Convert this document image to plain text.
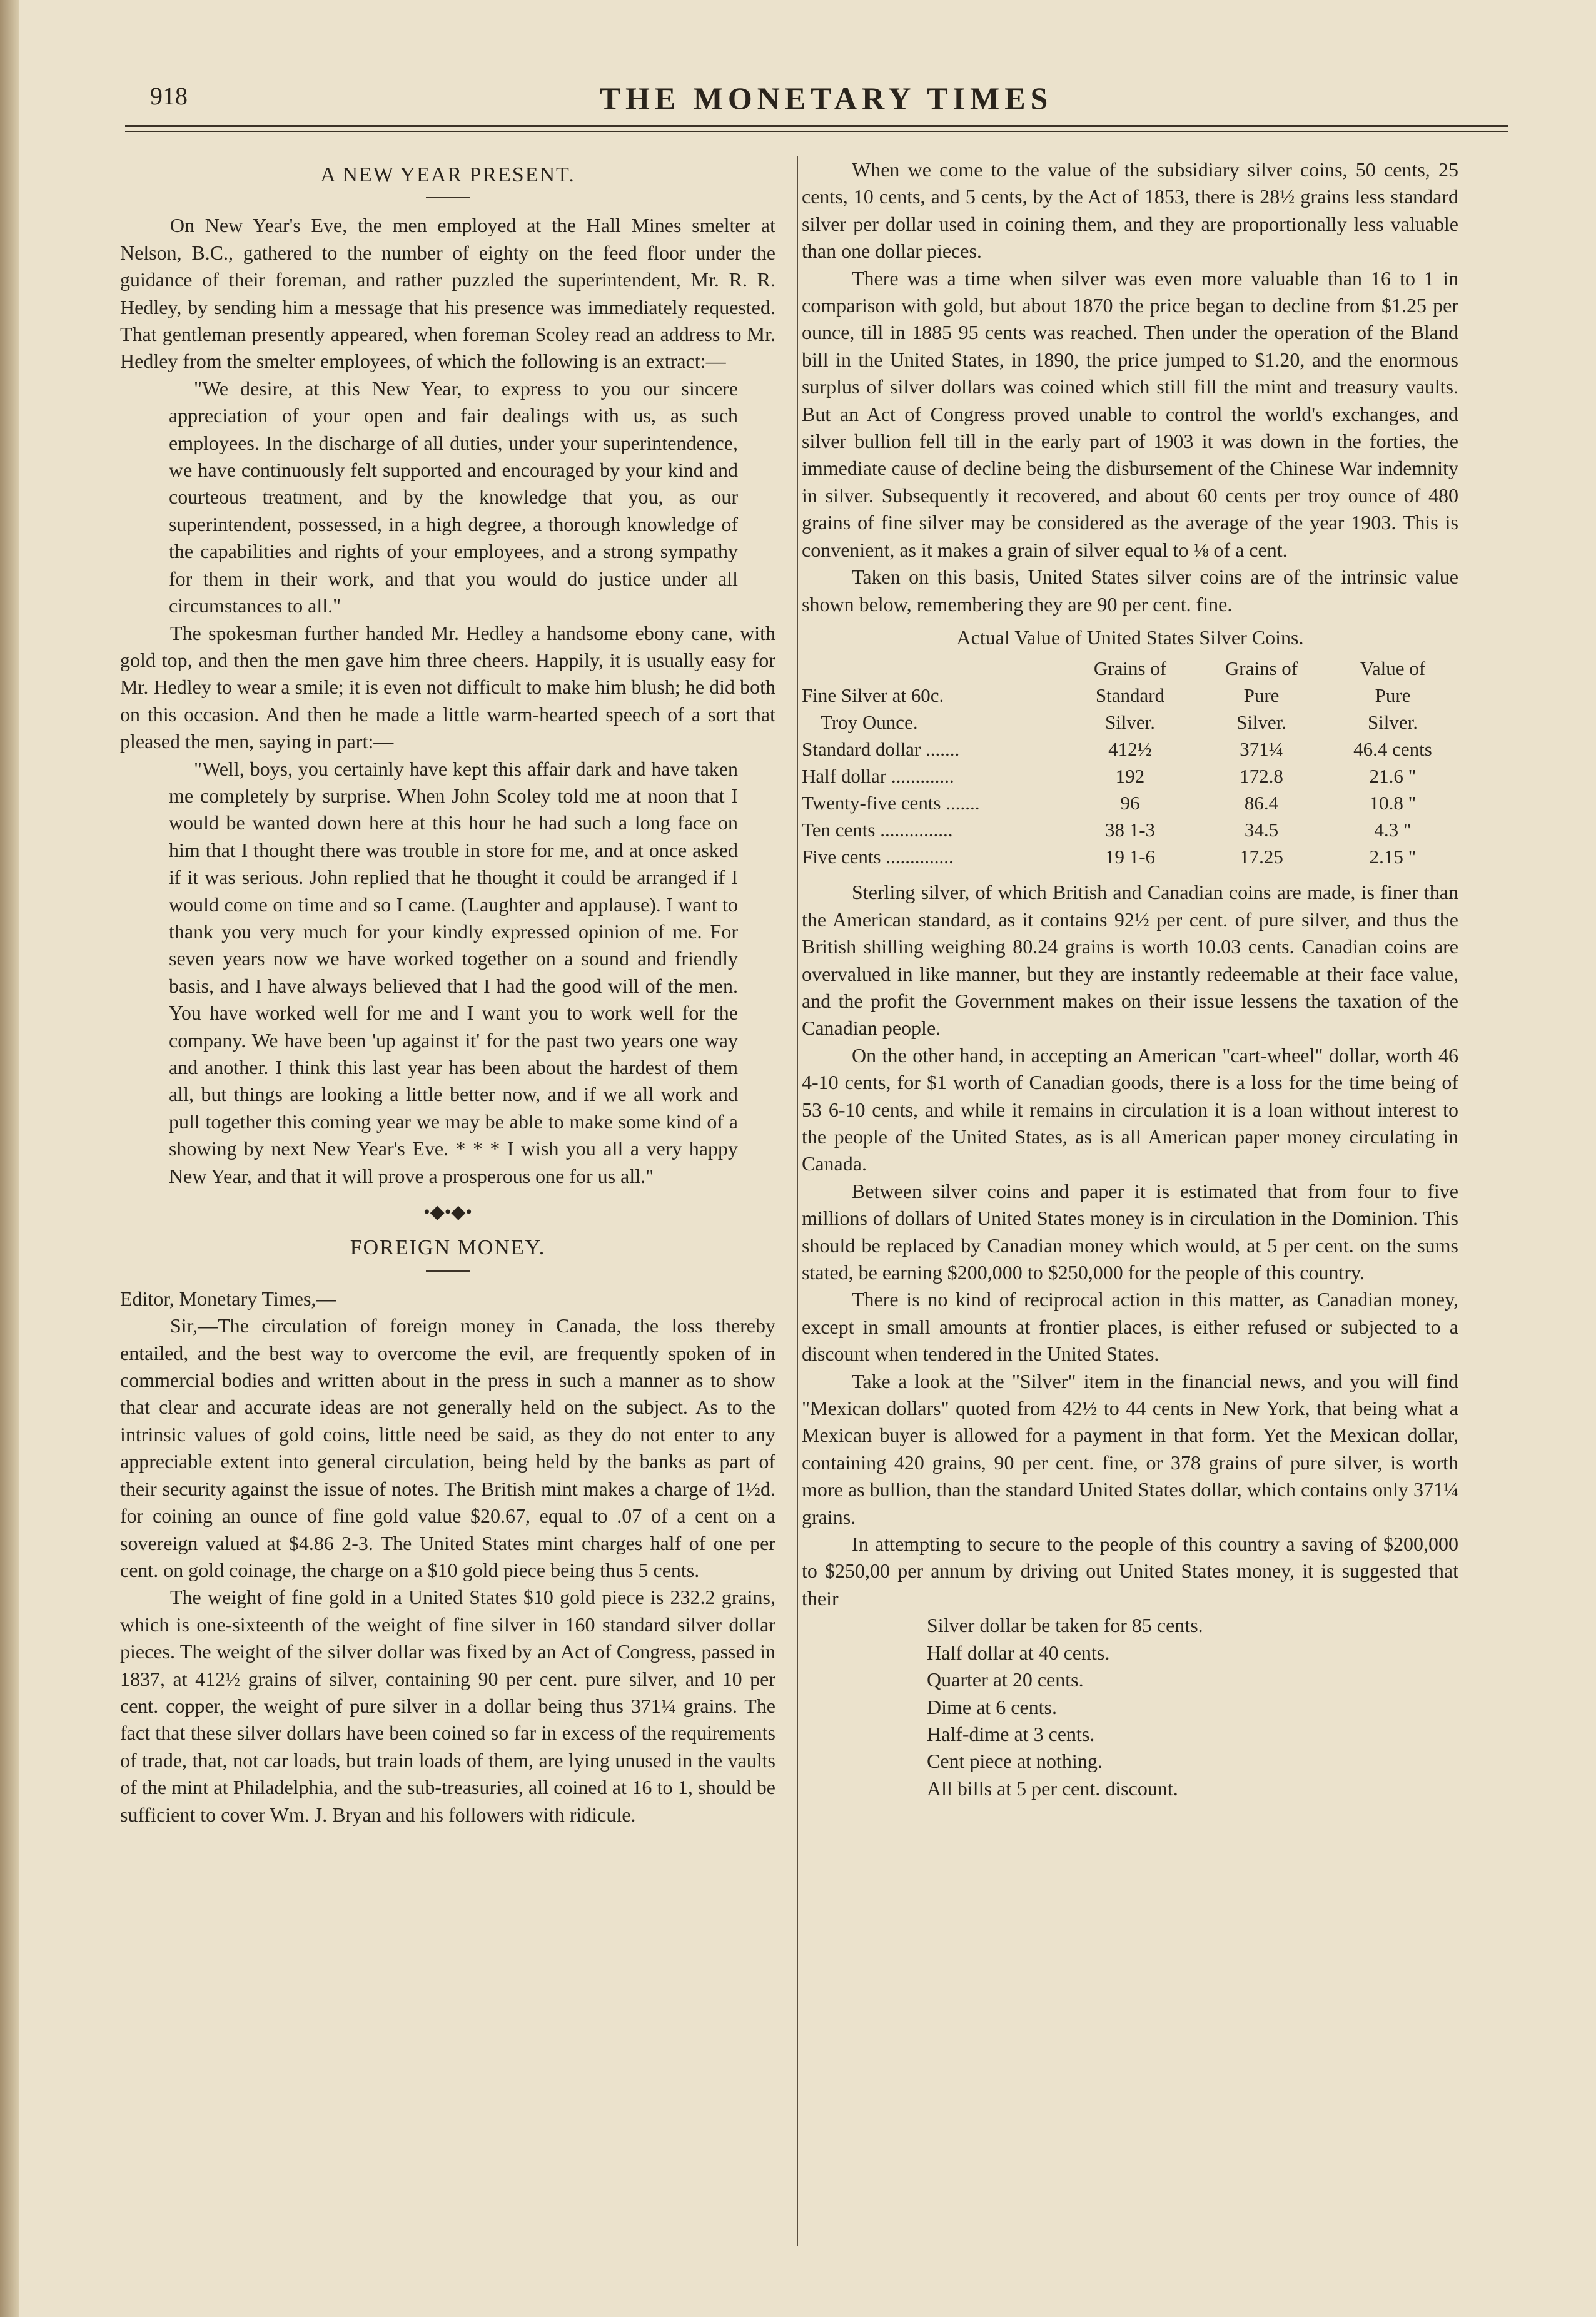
918	THE MONETARY TIMES
A NEW YEAR PRESENT.

On New Year's Eve, the men employed at the Hall Mines smelter at Nelson, B.C., gathered to the number of eighty on the feed floor under the guidance of their foreman, and rather puzzled the superintendent, Mr. R. R. Hedley, by sending him a message that his presence was immediately requested. That gentleman presently appeared, when foreman Scoley read an address to Mr. Hedley from the smelter employees, of which the following is an extract:—

"We desire, at this New Year, to express to you our sincere appreciation of your open and fair dealings with us, as such employees. In the discharge of all duties, under your superintendence, we have continuously felt supported and encouraged by your kind and courteous treatment, and by the knowledge that you, as our superintendent, possessed, in a high degree, a thorough knowledge of the capabilities and rights of your employees, and a strong sympathy for them in their work, and that you would do justice under all circumstances to all."

The spokesman further handed Mr. Hedley a handsome ebony cane, with gold top, and then the men gave him three cheers. Happily, it is usually easy for Mr. Hedley to wear a smile; it is even not difficult to make him blush; he did both on this occasion. And then he made a little warm-hearted speech of a sort that pleased the men, saying in part:—

"Well, boys, you certainly have kept this affair dark and have taken me completely by surprise. When John Scoley told me at noon that I would be wanted down here at this hour he had such a long face on him that I thought there was trouble in store for me, and at once asked if it was serious. John replied that he thought it could be arranged if I would come on time and so I came. (Laughter and applause). I want to thank you very much for your kindly expressed opinion of me. For seven years now we have worked together on a sound and friendly basis, and I have always believed that I had the good will of the men. You have worked well for me and I want you to work well for the company. We have been 'up against it' for the past two years one way and another. I think this last year has been about the hardest of them all, but things are looking a little better now, and if we all work and pull together this coming year we may be able to make some kind of a showing by next New Year's Eve. * * * I wish you all a very happy New Year, and that it will prove a prosperous one for us all."

•◆•◆•
FOREIGN MONEY.

Editor, Monetary Times,—

Sir,—The circulation of foreign money in Canada, the loss thereby entailed, and the best way to overcome the evil, are frequently spoken of in commercial bodies and written about in the press in such a manner as to show that clear and accurate ideas are not generally held on the subject. As to the intrinsic values of gold coins, little need be said, as they do not enter to any appreciable extent into general circulation, being held by the banks as part of their security against the issue of notes. The British mint makes a charge of 1½d. for coining an ounce of fine gold value $20.67, equal to .07 of a cent on a sovereign valued at $4.86 2-3. The United States mint charges half of one per cent. on gold coinage, the charge on a $10 gold piece being thus 5 cents.

The weight of fine gold in a United States $10 gold piece is 232.2 grains, which is one-sixteenth of the weight of fine silver in 160 standard silver dollar pieces. The weight of the silver dollar was fixed by an Act of Congress, passed in 1837, at 412½ grains of silver, containing 90 per cent. pure silver, and 10 per cent. copper, the weight of pure silver in a dollar being thus 371¼ grains. The fact that these silver dollars have been coined so far in excess of the requirements of trade, that, not car loads, but train loads of them, are lying unused in the vaults of the mint at Philadelphia, and the sub-treasuries, all coined at 16 to 1, should be sufficient to cover Wm. J. Bryan and his followers with ridicule.

When we come to the value of the subsidiary silver coins, 50 cents, 25 cents, 10 cents, and 5 cents, by the Act of 1853, there is 28½ grains less standard silver per dollar used in coining them, and they are proportionally less valuable than one dollar pieces.

There was a time when silver was even more valuable than 16 to 1 in comparison with gold, but about 1870 the price began to decline from $1.25 per ounce, till in 1885 95 cents was reached. Then under the operation of the Bland bill in the United States, in 1890, the price jumped to $1.20, and the enormous surplus of silver dollars was coined which still fill the mint and treasury vaults. But an Act of Congress proved unable to control the world's exchanges, and silver bullion fell till in the early part of 1903 it was down in the forties, the immediate cause of decline being the disbursement of the Chinese War indemnity in silver. Subsequently it recovered, and about 60 cents per troy ounce of 480 grains of fine silver may be considered as the average of the year 1903. This is convenient, as it makes a grain of silver equal to ⅛ of a cent.

Taken on this basis, United States silver coins are of the intrinsic value shown below, remembering they are 90 per cent. fine.

Actual Value of United States Silver Coins.
	Grains of	Grains of	Value of
Fine Silver at 60c.	Standard	Pure	Pure
Troy Ounce.	Silver.	Silver.	Silver.
Standard dollar .......	412½	371¼	46.4 cents
Half dollar .............	192	172.8	21.6 "
Twenty-five cents .......	96	86.4	10.8 "
Ten cents ...............	38 1-3	34.5	4.3 "
Five cents ..............	19 1-6	17.25	2.15 "

Sterling silver, of which British and Canadian coins are made, is finer than the American standard, as it contains 92½ per cent. of pure silver, and thus the British shilling weighing 80.24 grains is worth 10.03 cents. Canadian coins are overvalued in like manner, but they are instantly redeemable at their face value, and the profit the Government makes on their issue lessens the taxation of the Canadian people.

On the other hand, in accepting an American "cart-wheel" dollar, worth 46 4-10 cents, for $1 worth of Canadian goods, there is a loss for the time being of 53 6-10 cents, and while it remains in circulation it is a loan without interest to the people of the United States, as is all American paper money circulating in Canada.

Between silver coins and paper it is estimated that from four to five millions of dollars of United States money is in circulation in the Dominion. This should be replaced by Canadian money which would, at 5 per cent. on the sums stated, be earning $200,000 to $250,000 for the people of this country.

There is no kind of reciprocal action in this matter, as Canadian money, except in small amounts at frontier places, is either refused or subjected to a discount when tendered in the United States.

Take a look at the "Silver" item in the financial news, and you will find "Mexican dollars" quoted from 42½ to 44 cents in New York, that being what a Mexican buyer is allowed for a payment in that form. Yet the Mexican dollar, containing 420 grains, 90 per cent. fine, or 378 grains of pure silver, is worth more as bullion, than the standard United States dollar, which contains only 371¼ grains.

In attempting to secure to the people of this country a saving of $200,000 to $250,00 per annum by driving out United States money, it is suggested that their

Silver dollar be taken for 85 cents.
Half dollar at 40 cents.
Quarter at 20 cents.
Dime at 6 cents.
Half-dime at 3 cents.
Cent piece at nothing.
All bills at 5 per cent. discount.
